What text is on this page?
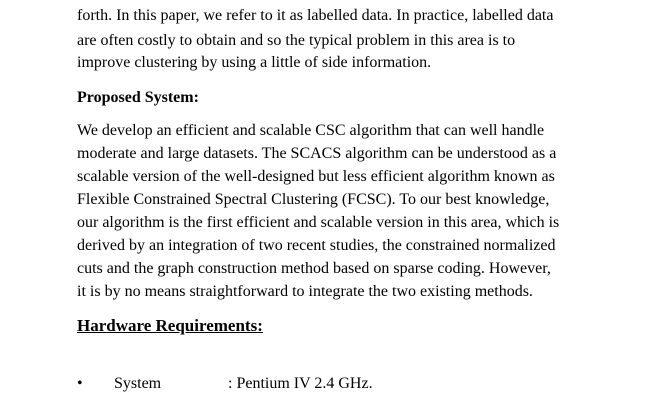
forth. In this paper, we refer to it as labelled data. In practice, labelled data
are often costly to obtain and so the typical problem in this area is to
improve clustering by using a little of side information.
Proposed System:
We develop an efficient and scalable CSC algorithm that can well handle
moderate and large datasets. The SCACS algorithm can be understood as a
scalable version of the well-designed but less efficient algorithm known as
Flexible Constrained Spectral Clustering (FCSC). To our best knowledge,
our algorithm is the first efficient and scalable version in this area, which is
derived by an integration of two recent studies, the constrained normalized
cuts and the graph construction method based on sparse coding. However,
it is by no means straightforward to integrate the two existing methods.
Hardware Requirements:
• System	: Pentium IV 2.4 GHz.
